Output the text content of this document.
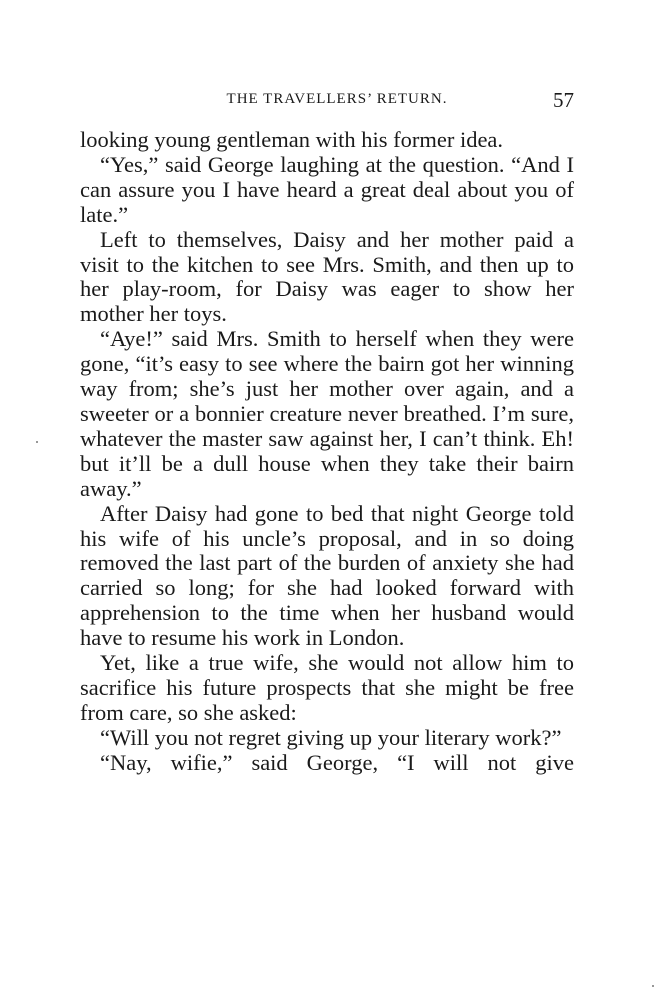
THE TRAVELLERS’ RETURN.	57

looking young gentleman with his former idea.

“Yes,” said George laughing at the question. “And I can assure you I have heard a great deal about you of late.”

Left to themselves, Daisy and her mother paid a visit to the kitchen to see Mrs. Smith, and then up to her play-room, for Daisy was eager to show her mother her toys.

“Aye!” said Mrs. Smith to herself when they were gone, “it’s easy to see where the bairn got her winning way from; she’s just her mother over again, and a sweeter or a bonnier creature never breathed. I’m sure, whatever the master saw against her, I can’t think. Eh! but it’ll be a dull house when they take their bairn away.”

After Daisy had gone to bed that night George told his wife of his uncle’s proposal, and in so doing removed the last part of the burden of anxiety she had carried so long; for she had looked forward with apprehension to the time when her husband would have to resume his work in London.

Yet, like a true wife, she would not allow him to sacrifice his future prospects that she might be free from care, so she asked:

“Will you not regret giving up your literary work?”

“Nay, wifie,” said George, “I will not give
